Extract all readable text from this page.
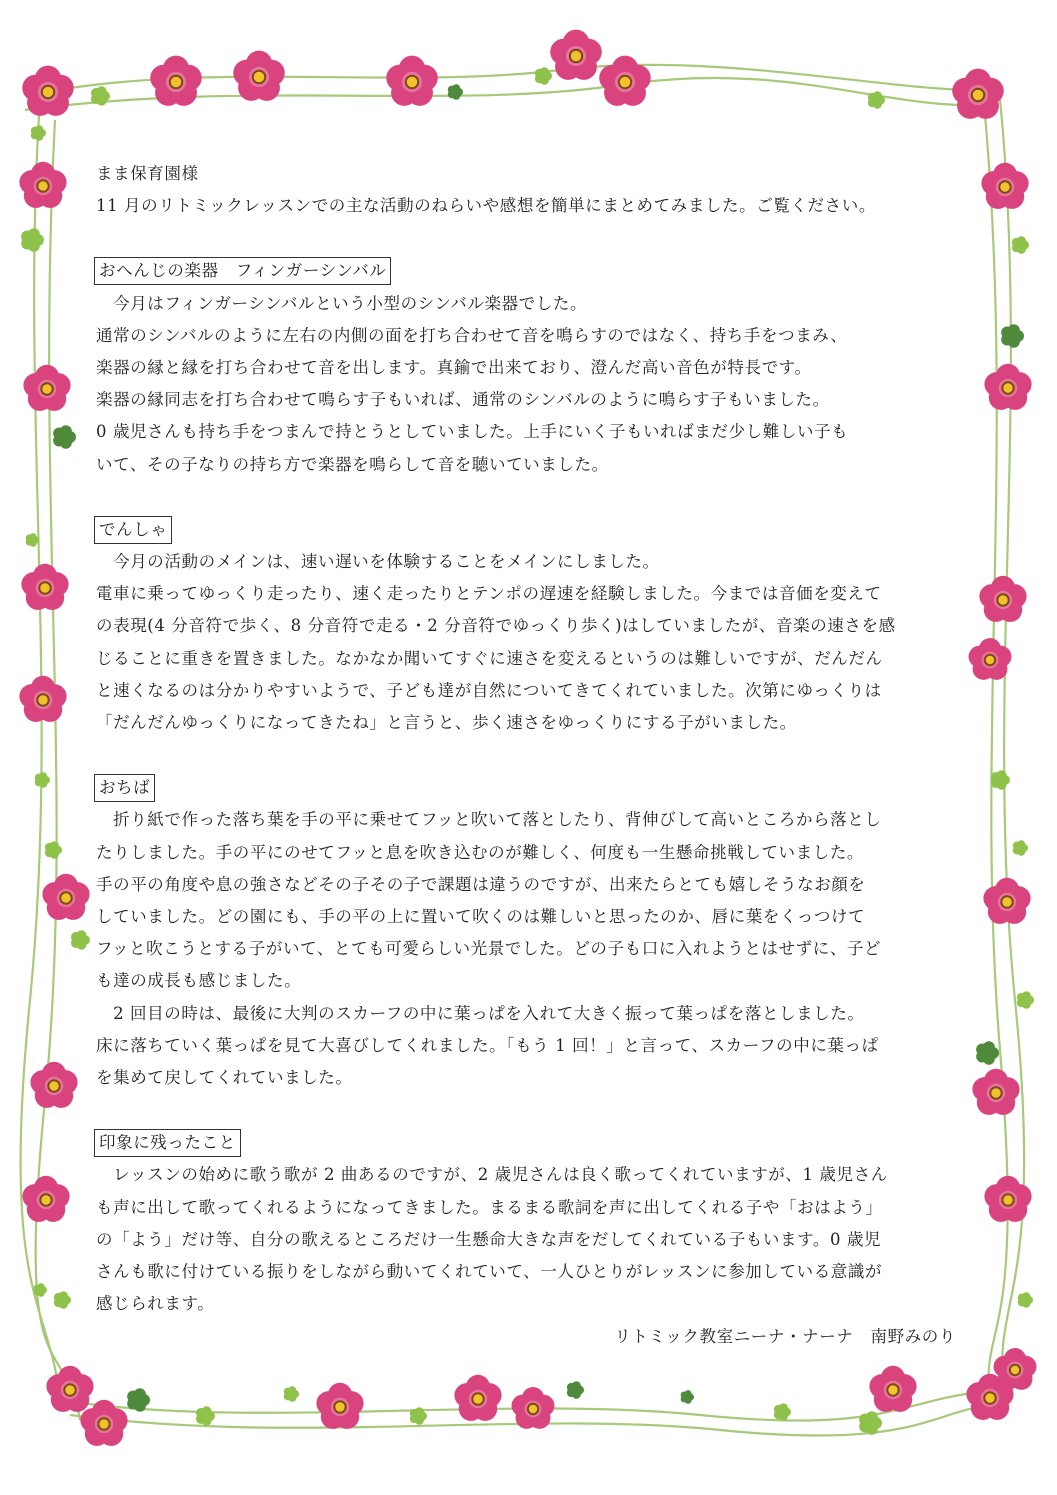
まま保育園様

11 月のリトミックレッスンでの主な活動のねらいや感想を簡単にまとめてみました。ご覧ください。

おへんじの楽器　フィンガーシンバル

　今月はフィンガーシンバルという小型のシンバル楽器でした。

通常のシンバルのように左右の内側の面を打ち合わせて音を鳴らすのではなく、持ち手をつまみ、

楽器の縁と縁を打ち合わせて音を出します。真鍮で出来ており、澄んだ高い音色が特長です。

楽器の縁同志を打ち合わせて鳴らす子もいれば、通常のシンバルのように鳴らす子もいました。

0 歳児さんも持ち手をつまんで持とうとしていました。上手にいく子もいればまだ少し難しい子も

いて、その子なりの持ち方で楽器を鳴らして音を聴いていました。

でんしゃ

　今月の活動のメインは、速い遅いを体験することをメインにしました。

電車に乗ってゆっくり走ったり、速く走ったりとテンポの遅速を経験しました。今までは音価を変えて

の表現(4 分音符で歩く、8 分音符で走る・2 分音符でゆっくり歩く)はしていましたが、音楽の速さを感

じることに重きを置きました。なかなか聞いてすぐに速さを変えるというのは難しいですが、だんだん

と速くなるのは分かりやすいようで、子ども達が自然についてきてくれていました。次第にゆっくりは

「だんだんゆっくりになってきたね」と言うと、歩く速さをゆっくりにする子がいました。

おちば

　折り紙で作った落ち葉を手の平に乗せてフッと吹いて落としたり、背伸びして高いところから落とし

たりしました。手の平にのせてフッと息を吹き込むのが難しく、何度も一生懸命挑戦していました。

手の平の角度や息の強さなどその子その子で課題は違うのですが、出来たらとても嬉しそうなお顔を

していました。どの園にも、手の平の上に置いて吹くのは難しいと思ったのか、唇に葉をくっつけて

フッと吹こうとする子がいて、とても可愛らしい光景でした。どの子も口に入れようとはせずに、子ど

も達の成長も感じました。

　2 回目の時は、最後に大判のスカーフの中に葉っぱを入れて大きく振って葉っぱを落としました。

床に落ちていく葉っぱを見て大喜びしてくれました。「もう 1 回！」と言って、スカーフの中に葉っぱ

を集めて戻してくれていました。

印象に残ったこと

　レッスンの始めに歌う歌が 2 曲あるのですが、2 歳児さんは良く歌ってくれていますが、1 歳児さん

も声に出して歌ってくれるようになってきました。まるまる歌詞を声に出してくれる子や「おはよう」

の「よう」だけ等、自分の歌えるところだけ一生懸命大きな声をだしてくれている子もいます。0 歳児

さんも歌に付けている振りをしながら動いてくれていて、一人ひとりがレッスンに参加している意識が

感じられます。

リトミック教室ニーナ・ナーナ　南野みのり
